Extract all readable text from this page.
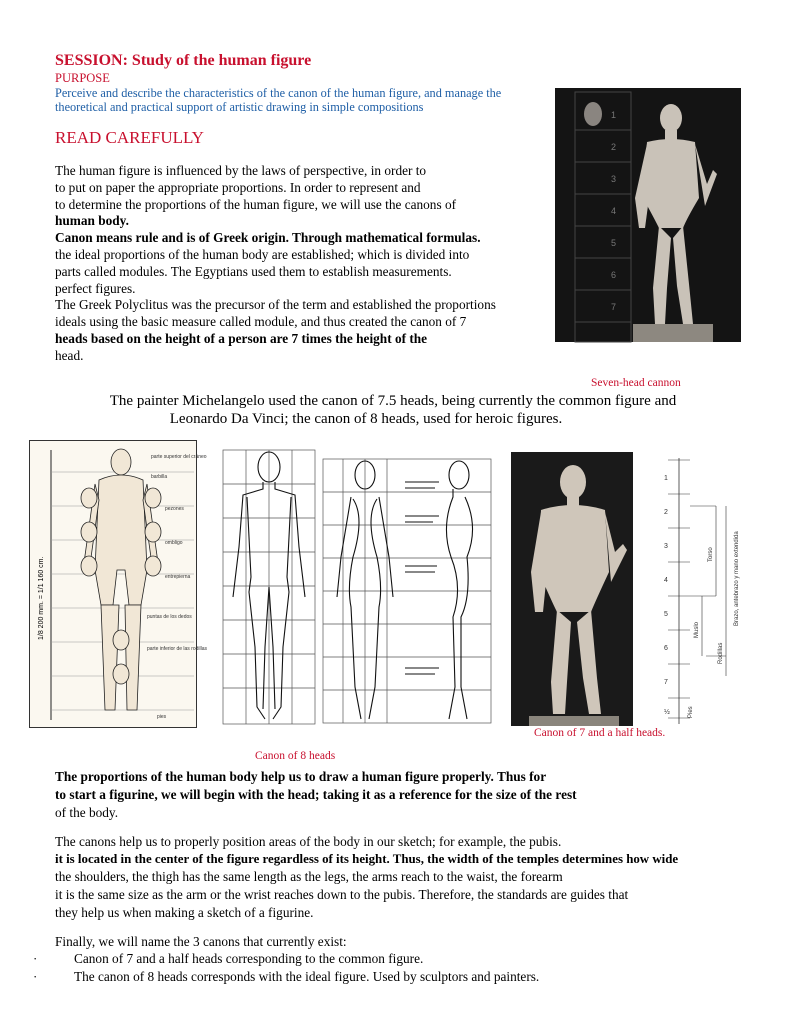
SESSION: Study of the human figure
PURPOSE
Perceive and describe the characteristics of the canon of the human figure, and manage the
theoretical and practical support of artistic drawing in simple compositions
READ CAREFULLY
The human figure is influenced by the laws of perspective, in order to
to put on paper the appropriate proportions. In order to represent and
to determine the proportions of the human figure, we will use the canons of
human body.
Canon means rule and is of Greek origin. Through mathematical formulas.
the ideal proportions of the human body are established; which is divided into
parts called modules. The Egyptians used them to establish measurements.
perfect figures.
The Greek Polyclitus was the precursor of the term and established the proportions
ideals using the basic measure called module, and thus created the canon of 7
heads based on the height of a person are 7 times the height of the
head.
1
2
3
4
5
6
7
Seven-head cannon
The painter Michelangelo used the canon of 7.5 heads, being currently the common figure and
Leonardo Da Vinci; the canon of 8 heads, used for heroic figures.
1/8 200 mm. = 1/1 160 cm.
parte superior del cráneo
barbilla
pezones
ombligo
entrepierna
puntas de los dedos
parte inferior de las rodillas
pies
1
2
3
4
5
6
7
½
Torso
Muslo
Rodillas
Brazo, antebrazo y mano extendida
Pies
Canon of 8 heads
Canon of 7 and a half heads.
The proportions of the human body help us to draw a human figure properly. Thus for
to start a figurine, we will begin with the head; taking it as a reference for the size of the rest
of the body.
The canons help us to properly position areas of the body in our sketch; for example, the pubis.
it is located in the center of the figure regardless of its height. Thus, the width of the temples determines how wide
the shoulders, the thigh has the same length as the legs, the arms reach to the waist, the forearm
it is the same size as the arm or the wrist reaches down to the pubis. Therefore, the standards are guides that
they help us when making a sketch of a figurine.
Finally, we will name the 3 canons that currently exist:
·	Canon of 7 and a half heads corresponding to the common figure.
·	The canon of 8 heads corresponds with the ideal figure. Used by sculptors and painters.
